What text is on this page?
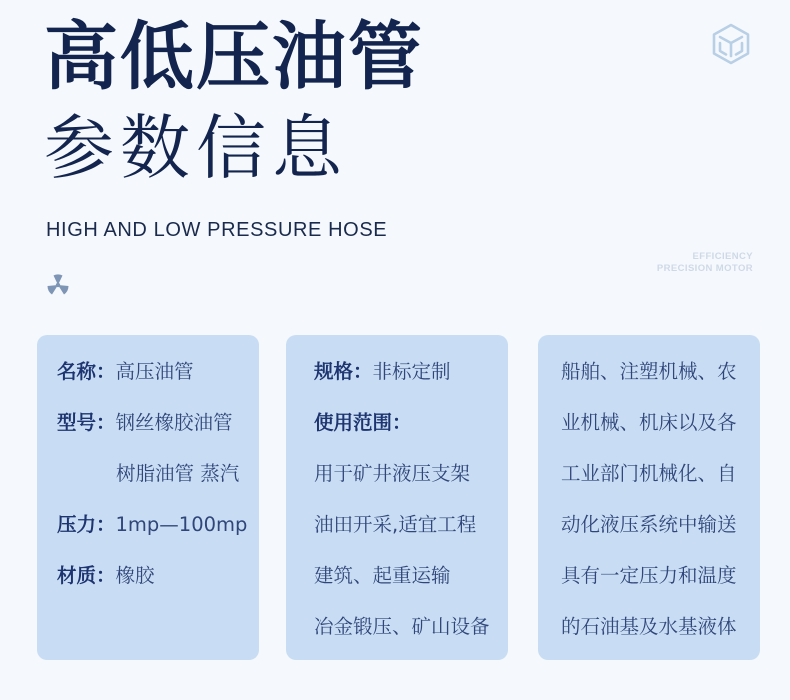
高低压油管
参数信息
HIGH AND LOW PRESSURE HOSE
EFFICIENCY
PRECISION MOTOR
名称：高压油管
型号：钢丝橡胶油管
树脂油管 蒸汽
压力：1mp—100mp
材质：橡胶
规格：非标定制
使用范围：
用于矿井液压支架
油田开采,适宜工程
建筑、起重运输
冶金锻压、矿山设备
船舶、注塑机械、农
业机械、机床以及各
工业部门机械化、自
动化液压系统中输送
具有一定压力和温度
的石油基及水基液体
